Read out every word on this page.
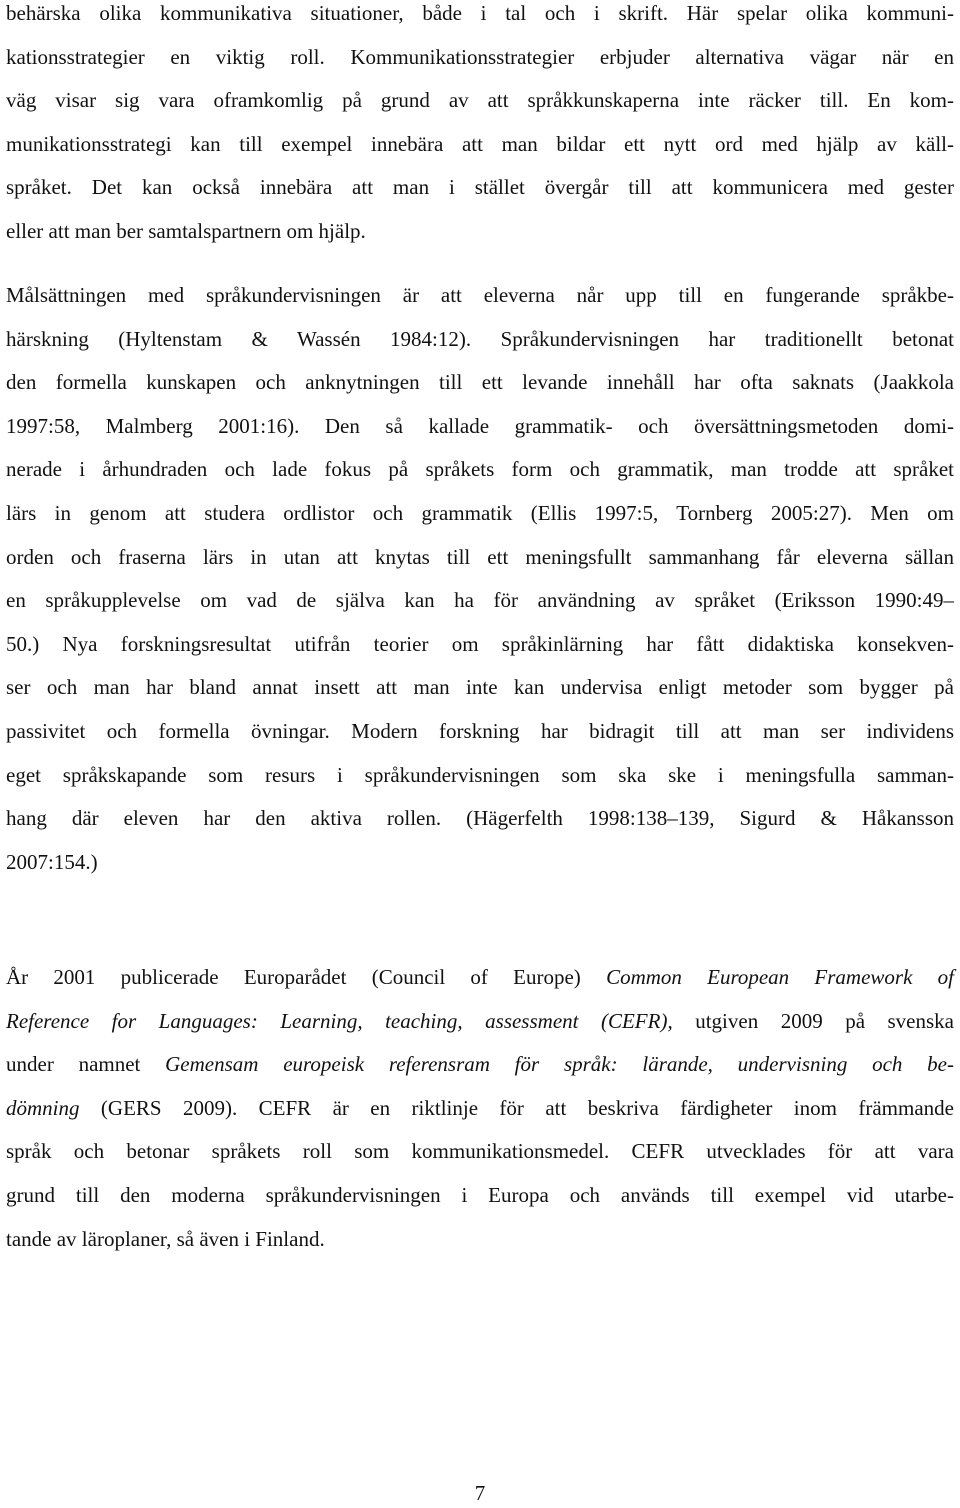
behärska olika kommunikativa situationer, både i tal och i skrift. Här spelar olika kommuni-
kationsstrategier en viktig roll. Kommunikationsstrategier erbjuder alternativa vägar när en
väg visar sig vara oframkomlig på grund av att språkkunskaperna inte räcker till. En kom-
munikationsstrategi kan till exempel innebära att man bildar ett nytt ord med hjälp av käll-
språket. Det kan också innebära att man i stället övergår till att kommunicera med gester
eller att man ber samtalspartnern om hjälp.
Målsättningen med språkundervisningen är att eleverna når upp till en fungerande språkbe-
härskning (Hyltenstam & Wassén 1984:12). Språkundervisningen har traditionellt betonat
den formella kunskapen och anknytningen till ett levande innehåll har ofta saknats (Jaakkola
1997:58, Malmberg 2001:16). Den så kallade grammatik- och översättningsmetoden domi-
nerade i århundraden och lade fokus på språkets form och grammatik, man trodde att språket
lärs in genom att studera ordlistor och grammatik (Ellis 1997:5, Tornberg 2005:27). Men om
orden och fraserna lärs in utan att knytas till ett meningsfullt sammanhang får eleverna sällan
en språkupplevelse om vad de själva kan ha för användning av språket (Eriksson 1990:49–
50.) Nya forskningsresultat utifrån teorier om språkinlärning har fått didaktiska konsekven-
ser och man har bland annat insett att man inte kan undervisa enligt metoder som bygger på
passivitet och formella övningar. Modern forskning har bidragit till att man ser individens
eget språkskapande som resurs i språkundervisningen som ska ske i meningsfulla samman-
hang där eleven har den aktiva rollen. (Hägerfelth 1998:138–139, Sigurd & Håkansson
2007:154.)
År 2001 publicerade Europarådet (Council of Europe) Common European Framework of
Reference for Languages: Learning, teaching, assessment (CEFR), utgiven 2009 på svenska
under namnet Gemensam europeisk referensram för språk: lärande, undervisning och be-
dömning (GERS 2009). CEFR är en riktlinje för att beskriva färdigheter inom främmande
språk och betonar språkets roll som kommunikationsmedel. CEFR utvecklades för att vara
grund till den moderna språkundervisningen i Europa och används till exempel vid utarbe-
tande av läroplaner, så även i Finland.
7
